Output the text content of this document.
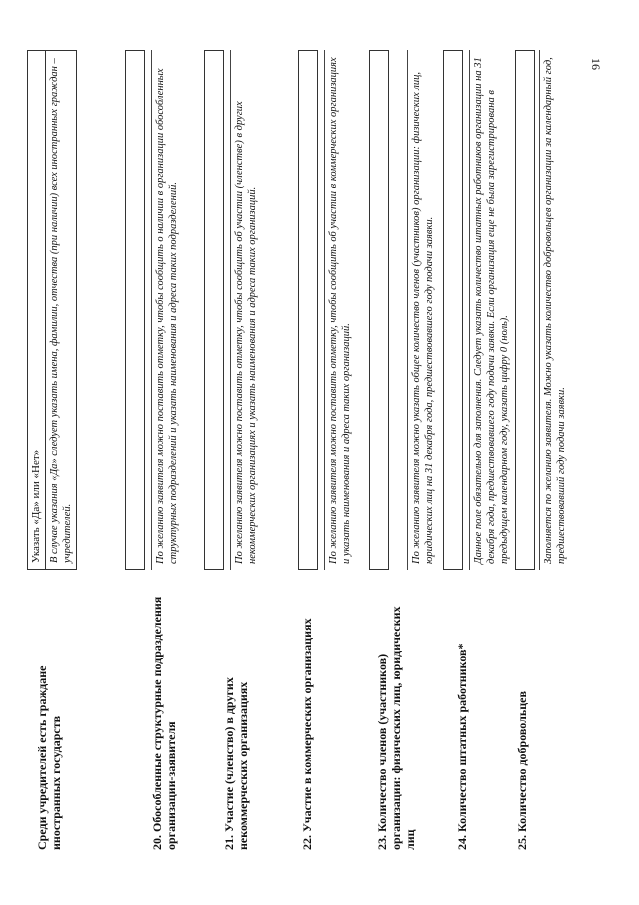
16
Среди учредителей есть граждане иностранных государств
Указать «Да» или «Нет» В случае указания «Да» следует указать имена, фамилии, отчества (при наличии) всех иностранных граждан – учредителей.
20. Обособленные структурные подразделения организации-заявителя
По желанию заявителя можно поставить отметку, чтобы сообщить о наличии в организации обособленных структурных подразделений и указать наименования и адреса таких подразделений.
21. Участие (членство) в других некоммерческих организациях
По желанию заявителя можно поставить отметку, чтобы сообщить об участии (членстве) в других некоммерческих организациях и указать наименования и адреса таких организаций.
22. Участие в коммерческих организациях
По желанию заявителя можно поставить отметку, чтобы сообщить об участии в коммерческих организациях и указать наименования и адреса таких организаций.
23. Количество членов (участников) организации: физических лиц, юридических лиц
По желанию заявителя можно указать общее количество членов (участников) организации: физических лиц, юридических лиц на 31 декабря года, предшествовавшего году подачи заявки.
24. Количество штатных работников*
Данное поле обязательно для заполнения. Следует указать количество штатных работников организации на 31 декабря года, предшествовавшего году подачи заявки. Если организация еще не была зарегистрирована в предыдущем календарном году, указать цифру 0 (ноль).
25. Количество добровольцев
Заполняется по желанию заявителя. Можно указать количество добровольцев организации за календарный год, предшествовавший году подачи заявки.
